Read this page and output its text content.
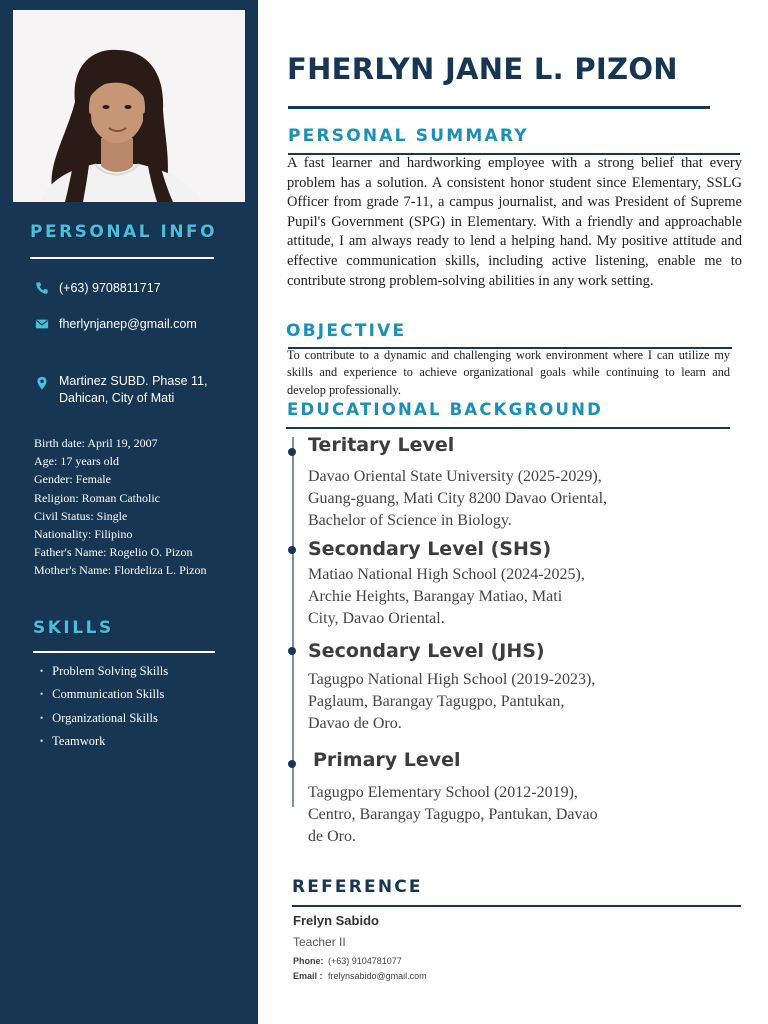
PERSONAL INFO
(+63) 9708811717
fherlynjanep@gmail.com
Martinez SUBD. Phase 11,
Dahican, City of Mati
Birth date: April 19, 2007
Age: 17 years old
Gender: Female
Religion: Roman Catholic
Civil Status: Single
Nationality: Filipino
Father's Name: Rogelio O. Pizon
Mother's Name: Flordeliza L. Pizon
SKILLS
• Problem Solving Skills
• Communication Skills
• Organizational Skills
• Teamwork
FHERLYN JANE L. PIZON
PERSONAL SUMMARY

A fast learner and hardworking employee with a strong belief that every problem has a solution. A consistent honor student since Elementary, SSLG Officer from grade 7-11, a campus journalist, and was President of Supreme Pupil's Government (SPG) in Elementary. With a friendly and approachable attitude, I am always ready to lend a helping hand. My positive attitude and effective communication skills, including active listening, enable me to contribute strong problem-solving abilities in any work setting.

OBJECTIVE

To contribute to a dynamic and challenging work environment where I can utilize my skills and experience to achieve organizational goals while continuing to learn and develop professionally.

EDUCATIONAL BACKGROUND
Teritary Level
Davao Oriental State University (2025-2029),
Guang-guang, Mati City 8200 Davao Oriental,
Bachelor of Science in Biology.
Secondary Level (SHS)
Matiao National High School (2024-2025),
Archie Heights, Barangay Matiao, Mati
City, Davao Oriental.
Secondary Level (JHS)
Tagugpo National High School (2019-2023),
Paglaum, Barangay Tagugpo, Pantukan,
Davao de Oro.
Primary Level
Tagugpo Elementary School (2012-2019),
Centro, Barangay Tagugpo, Pantukan, Davao
de Oro.
REFERENCE
Frelyn Sabido
Teacher II
Phone: (+63) 9104781077
Email : frelynsabido@gmail.com
